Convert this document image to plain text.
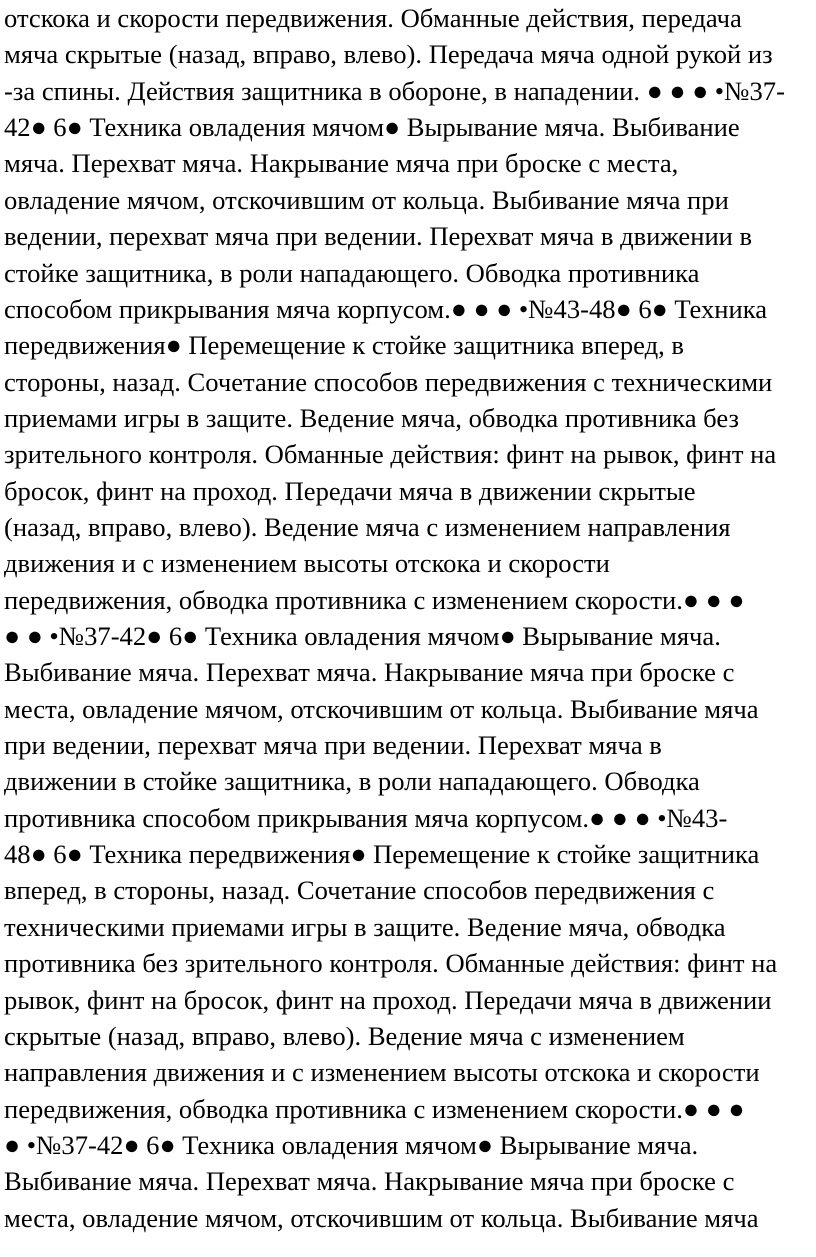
отскока и скорости передвижения. Обманные действия, передача
мяча скрытые (назад, вправо, влево). Передача мяча одной рукой из
-за спины. Действия защитника в обороне, в нападении. ● ● ● •№37-
42● 6● Техника овладения мячом● Вырывание мяча. Выбивание
мяча. Перехват мяча. Накрывание мяча при броске с места,
овладение мячом, отскочившим от кольца. Выбивание мяча при
ведении, перехват мяча при ведении. Перехват мяча в движении в
стойке защитника, в роли нападающего. Обводка противника
способом прикрывания мяча корпусом.● ● ● •№43-48● 6● Техника
передвижения● Перемещение к стойке защитника вперед, в
стороны, назад. Сочетание способов передвижения с техническими
приемами игры в защите. Ведение мяча, обводка противника без
зрительного контроля. Обманные действия: финт на рывок, финт на
бросок, финт на проход. Передачи мяча в движении скрытые
(назад, вправо, влево). Ведение мяча с изменением направления
движения и с изменением высоты отскока и скорости
передвижения, обводка противника с изменением скорости.● ● ●
● ● •№37-42● 6● Техника овладения мячом● Вырывание мяча.
Выбивание мяча. Перехват мяча. Накрывание мяча при броске с
места, овладение мячом, отскочившим от кольца. Выбивание мяча
при ведении, перехват мяча при ведении. Перехват мяча в
движении в стойке защитника, в роли нападающего. Обводка
противника способом прикрывания мяча корпусом.● ● ● •№43-
48● 6● Техника передвижения● Перемещение к стойке защитника
вперед, в стороны, назад. Сочетание способов передвижения с
техническими приемами игры в защите. Ведение мяча, обводка
противника без зрительного контроля. Обманные действия: финт на
рывок, финт на бросок, финт на проход. Передачи мяча в движении
скрытые (назад, вправо, влево). Ведение мяча с изменением
направления движения и с изменением высоты отскока и скорости
передвижения, обводка противника с изменением скорости.● ● ●
● •№37-42● 6● Техника овладения мячом● Вырывание мяча.
Выбивание мяча. Перехват мяча. Накрывание мяча при броске с
места, овладение мячом, отскочившим от кольца. Выбивание мяча
